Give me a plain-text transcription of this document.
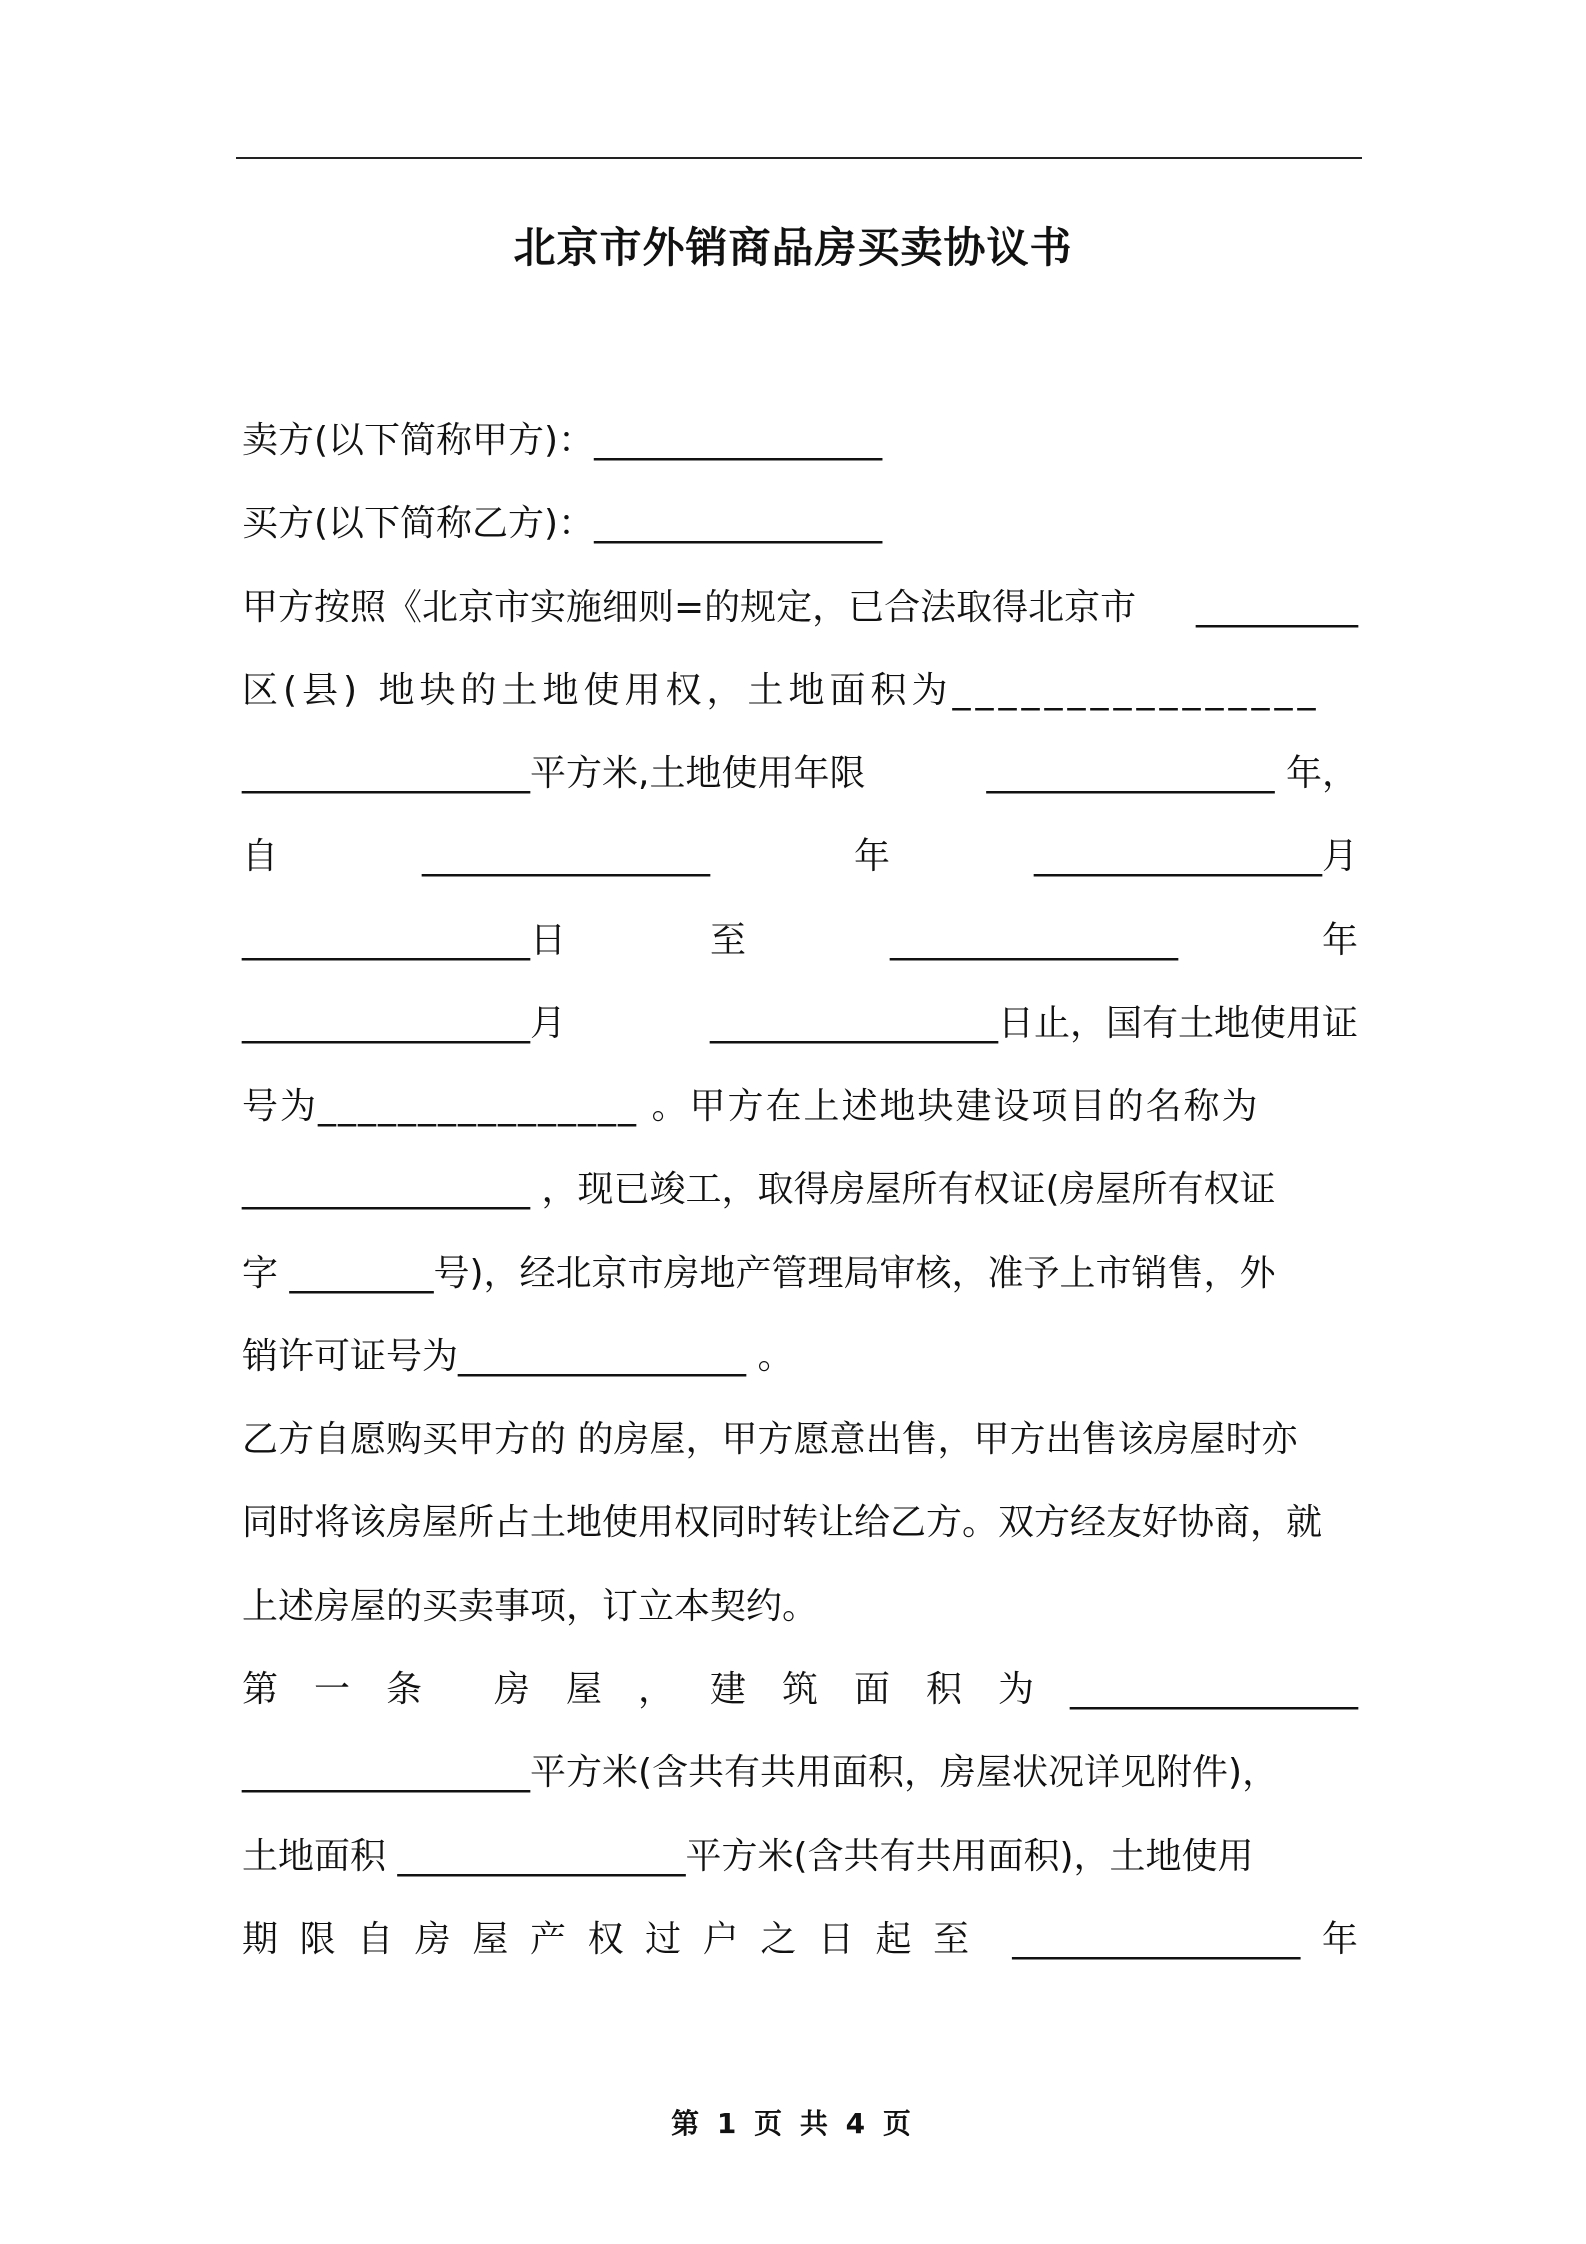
北京市外销商品房买卖协议书
卖方(以下简称甲方)：________________
买方(以下简称乙方)：________________
甲方按照《北京市实施细则=的规定，已合法取得北京市 _________
区(县) 地块的土地使用权，土地面积为________________
________________平方米,土地使用年限	________________ 年，
自	________________	年	________________月
________________日	至	________________	年
________________月	________________日止，国有土地使用证
号为________________ 。甲方在上述地块建设项目的名称为
________________ ，现已竣工，取得房屋所有权证(房屋所有权证
字 ________号)，经北京市房地产管理局审核，准予上市销售，外
销许可证号为________________ 。
乙方自愿购买甲方的 的房屋，甲方愿意出售，甲方出售该房屋时亦
同时将该房屋所占土地使用权同时转让给乙方。双方经友好协商，就
上述房屋的买卖事项，订立本契约。
第 一 条 房 屋 ， 建 筑 面 积 为 ________________
________________平方米(含共有共用面积，房屋状况详见附件)，
土地面积 ________________平方米(含共有共用面积)，土地使用
期 限 自 房 屋 产 权 过 户 之 日 起 至 ________________ 年
第 1 页 共 4 页
